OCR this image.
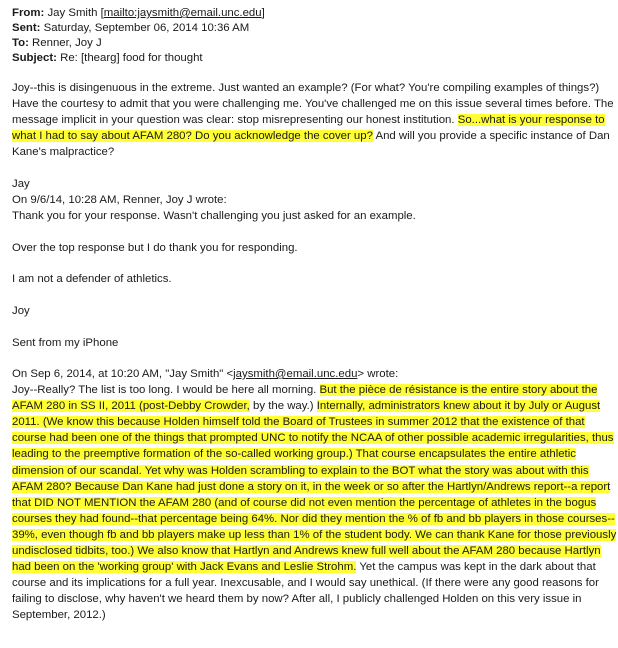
From: Jay Smith [mailto:jaysmith@email.unc.edu]
Sent: Saturday, September 06, 2014 10:36 AM
To: Renner, Joy J
Subject: Re: [thearg] food for thought
Joy--this is disingenuous in the extreme. Just wanted an example? (For what? You're compiling examples of things?)
Have the courtesy to admit that you were challenging me. You've challenged me on this issue several times before. The
message implicit in your question was clear: stop misrepresenting our honest institution. So...what is your response to
what I had to say about AFAM 280? Do you acknowledge the cover up? And will you provide a specific instance of Dan
Kane's malpractice?
Jay
On 9/6/14, 10:28 AM, Renner, Joy J wrote:
Thank you for your response. Wasn't challenging you just asked for an example.
Over the top response but I do thank you for responding.
I am not a defender of athletics.
Joy
Sent from my iPhone
On Sep 6, 2014, at 10:20 AM, "Jay Smith" <jaysmith@email.unc.edu> wrote:
Joy--Really? The list is too long. I would be here all morning. But the pièce de résistance is the entire story about the
AFAM 280 in SS II, 2011 (post-Debby Crowder, by the way.) Internally, administrators knew about it by July or August
2011. (We know this because Holden himself told the Board of Trustees in summer 2012 that the existence of that
course had been one of the things that prompted UNC to notify the NCAA of other possible academic irregularities, thus
leading to the preemptive formation of the so-called working group.) That course encapsulates the entire athletic
dimension of our scandal. Yet why was Holden scrambling to explain to the BOT what the story was about with this
AFAM 280? Because Dan Kane had just done a story on it, in the week or so after the Hartlyn/Andrews report--a report
that DID NOT MENTION the AFAM 280 (and of course did not even mention the percentage of athletes in the bogus
courses they had found--that percentage being 64%. Nor did they mention the % of fb and bb players in those courses--
39%, even though fb and bb players make up less than 1% of the student body. We can thank Kane for those previously
undisclosed tidbits, too.) We also know that Hartlyn and Andrews knew full well about the AFAM 280 because Hartlyn
had been on the 'working group' with Jack Evans and Leslie Strohm. Yet the campus was kept in the dark about that
course and its implications for a full year. Inexcusable, and I would say unethical. (If there were any good reasons for
failing to disclose, why haven't we heard them by now? After all, I publicly challenged Holden on this very issue in
September, 2012.)
